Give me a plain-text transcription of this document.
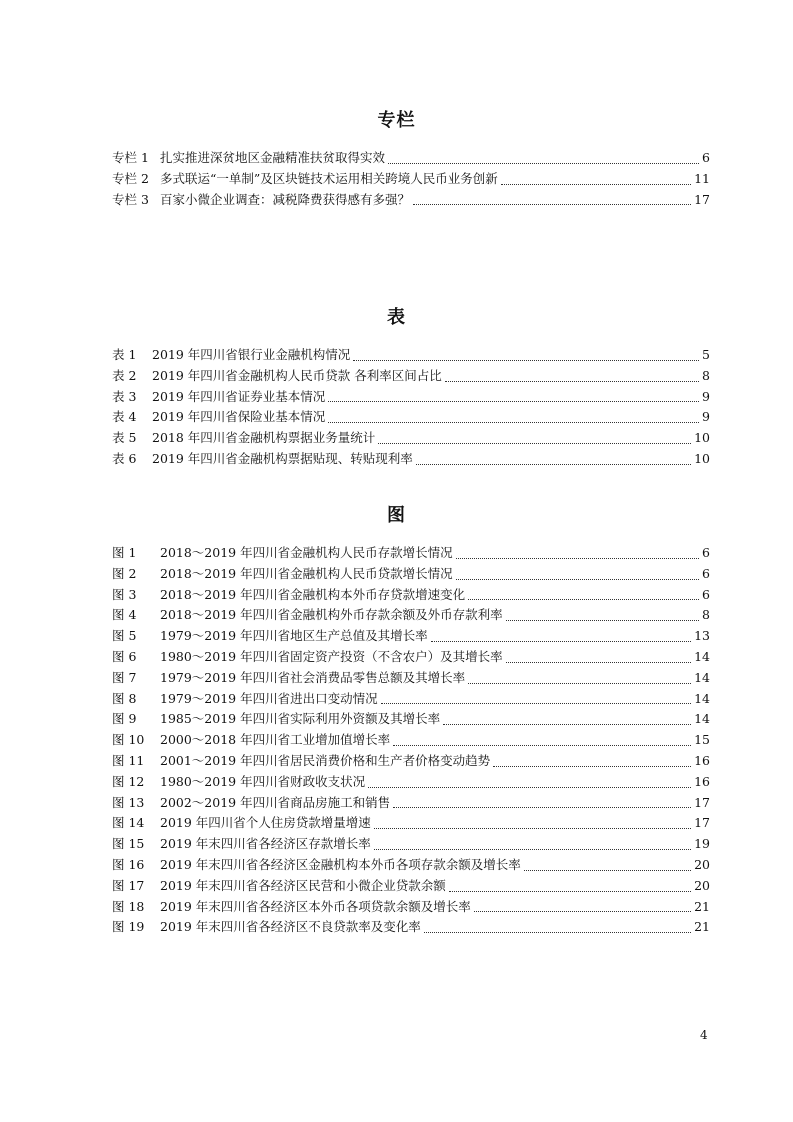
专栏
专栏 1 扎实推进深贫地区金融精准扶贫取得实效	6
专栏 2 多式联运“一单制”及区块链技术运用相关跨境人民币业务创新	11
专栏 3 百家小微企业调查：减税降费获得感有多强？	17
表
表 1	2019 年四川省银行业金融机构情况	5
表 2	2019 年四川省金融机构人民币贷款 各利率区间占比	8
表 3	2019 年四川省证券业基本情况	9
表 4	2019 年四川省保险业基本情况	9
表 5	2018 年四川省金融机构票据业务量统计	10
表 6	2019 年四川省金融机构票据贴现、转贴现利率	10
图
图 1	2018～2019 年四川省金融机构人民币存款增长情况	6
图 2	2018～2019 年四川省金融机构人民币贷款增长情况	6
图 3	2018～2019 年四川省金融机构本外币存贷款增速变化	6
图 4	2018～2019 年四川省金融机构外币存款余额及外币存款利率	8
图 5	1979～2019 年四川省地区生产总值及其增长率	13
图 6	1980～2019 年四川省固定资产投资（不含农户）及其增长率	14
图 7	1979～2019 年四川省社会消费品零售总额及其增长率	14
图 8	1979～2019 年四川省进出口变动情况	14
图 9	1985～2019 年四川省实际利用外资额及其增长率	14
图 10	2000～2018 年四川省工业增加值增长率	15
图 11	2001～2019 年四川省居民消费价格和生产者价格变动趋势	16
图 12	1980～2019 年四川省财政收支状况	16
图 13	2002～2019 年四川省商品房施工和销售	17
图 14	2019 年四川省个人住房贷款增量增速	17
图 15	2019 年末四川省各经济区存款增长率	19
图 16	2019 年末四川省各经济区金融机构本外币各项存款余额及增长率	20
图 17	2019 年末四川省各经济区民营和小微企业贷款余额	20
图 18	2019 年末四川省各经济区本外币各项贷款余额及增长率	21
图 19	2019 年末四川省各经济区不良贷款率及变化率	21
4
